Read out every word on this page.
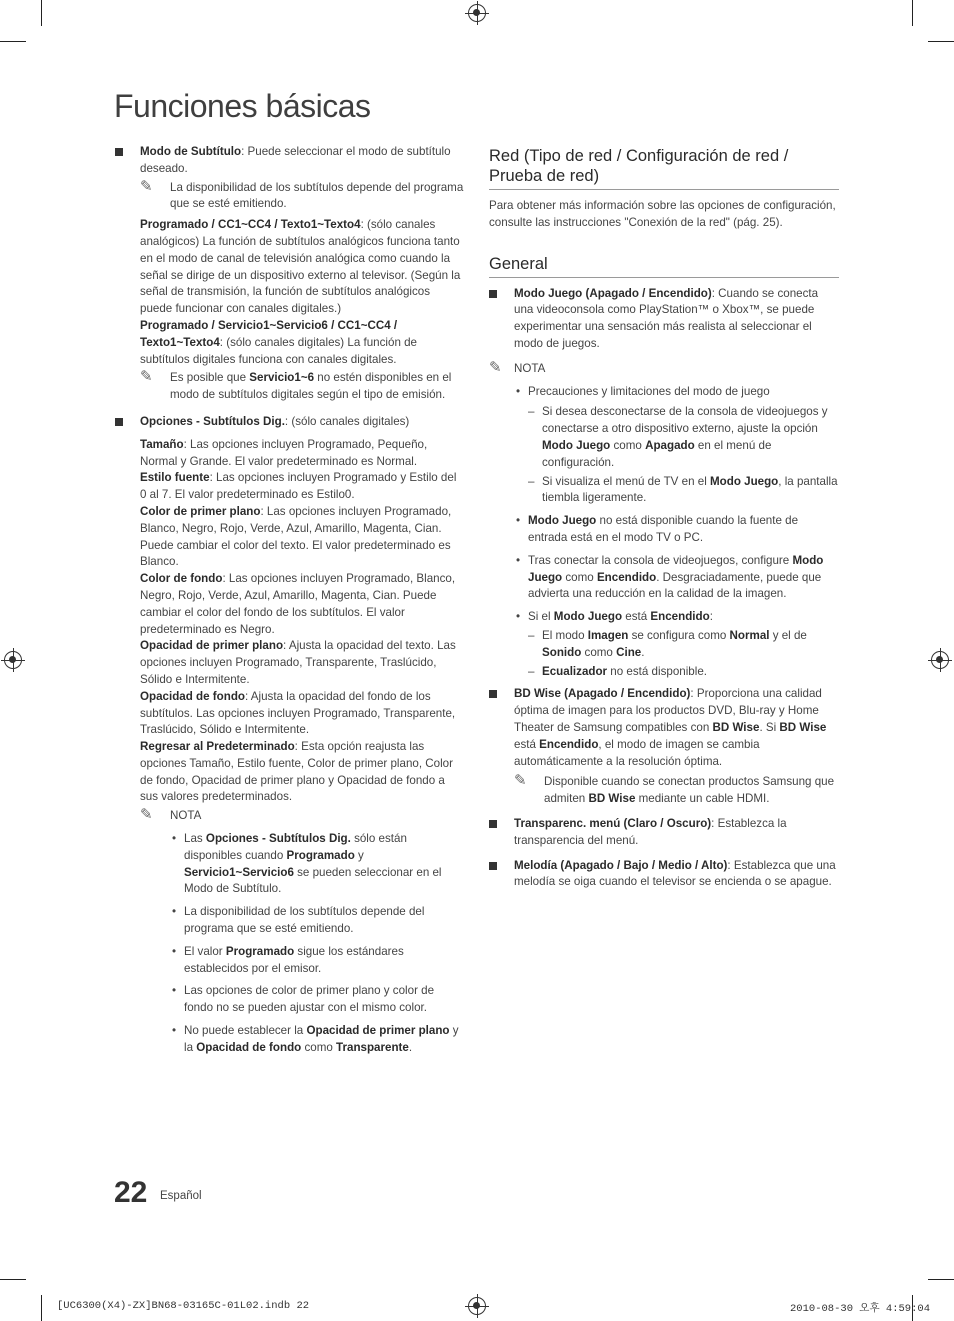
Funciones básicas

Modo de Subtítulo: Puede seleccionar el modo de subtítulo deseado.

✎ La disponibilidad de los subtítulos depende del programa que se esté emitiendo.

Programado / CC1~CC4 / Texto1~Texto4: (sólo canales analógicos) La función de subtítulos analógicos funciona tanto en el modo de canal de televisión analógica como cuando la señal se dirige de un dispositivo externo al televisor. (Según la señal de transmisión, la función de subtítulos analógicos puede funcionar con canales digitales.)

Programado / Servicio1~Servicio6 / CC1~CC4 / Texto1~Texto4: (sólo canales digitales) La función de subtítulos digitales funciona con canales digitales.

✎ Es posible que Servicio1~6 no estén disponibles en el modo de subtítulos digitales según el tipo de emisión.

Opciones - Subtítulos Dig.: (sólo canales digitales)

Tamaño: Las opciones incluyen Programado, Pequeño, Normal y Grande. El valor predeterminado es Normal.

Estilo fuente: Las opciones incluyen Programado y Estilo del 0 al 7. El valor predeterminado es Estilo0.

Color de primer plano: Las opciones incluyen Programado, Blanco, Negro, Rojo, Verde, Azul, Amarillo, Magenta, Cian. Puede cambiar el color del texto. El valor predeterminado es Blanco.

Color de fondo: Las opciones incluyen Programado, Blanco, Negro, Rojo, Verde, Azul, Amarillo, Magenta, Cian. Puede cambiar el color del fondo de los subtítulos. El valor predeterminado es Negro.

Opacidad de primer plano: Ajusta la opacidad del texto. Las opciones incluyen Programado, Transparente, Traslúcido, Sólido e Intermitente.

Opacidad de fondo: Ajusta la opacidad del fondo de los subtítulos. Las opciones incluyen Programado, Transparente, Traslúcido, Sólido e Intermitente.

Regresar al Predeterminado: Esta opción reajusta las opciones Tamaño, Estilo fuente, Color de primer plano, Color de fondo, Opacidad de primer plano y Opacidad de fondo a sus valores predeterminados.

✎ NOTA
• Las Opciones - Subtítulos Dig. sólo están disponibles cuando Programado y Servicio1~Servicio6 se pueden seleccionar en el Modo de Subtítulo.
• La disponibilidad de los subtítulos depende del programa que se esté emitiendo.
• El valor Programado sigue los estándares establecidos por el emisor.
• Las opciones de color de primer plano y color de fondo no se pueden ajustar con el mismo color.
• No puede establecer la Opacidad de primer plano y la Opacidad de fondo como Transparente.
Red (Tipo de red / Configuración de red / Prueba de red)

Para obtener más información sobre las opciones de configuración, consulte las instrucciones "Conexión de la red" (pág. 25).

General

Modo Juego (Apagado / Encendido): Cuando se conecta una videoconsola como PlayStation™ o Xbox™, se puede experimentar una sensación más realista al seleccionar el modo de juegos.

✎ NOTA
• Precauciones y limitaciones del modo de juego
– Si desea desconectarse de la consola de videojuegos y conectarse a otro dispositivo externo, ajuste la opción Modo Juego como Apagado en el menú de configuración.
– Si visualiza el menú de TV en el Modo Juego, la pantalla tiembla ligeramente.
• Modo Juego no está disponible cuando la fuente de entrada está en el modo TV o PC.
• Tras conectar la consola de videojuegos, configure Modo Juego como Encendido. Desgraciadamente, puede que advierta una reducción en la calidad de la imagen.
• Si el Modo Juego está Encendido:
– El modo Imagen se configura como Normal y el de Sonido como Cine.
– Ecualizador no está disponible.

BD Wise (Apagado / Encendido): Proporciona una calidad óptima de imagen para los productos DVD, Blu-ray y Home Theater de Samsung compatibles con BD Wise. Si BD Wise está Encendido, el modo de imagen se cambia automáticamente a la resolución óptima.

✎ Disponible cuando se conectan productos Samsung que admiten BD Wise mediante un cable HDMI.

Transparenc. menú (Claro / Oscuro): Establezca la transparencia del menú.

Melodía (Apagado / Bajo / Medio / Alto): Establezca que una melodía se oiga cuando el televisor se encienda o se apague.

22 Español
[UC6300(X4)-ZX]BN68-03165C-01L02.indb 22	2010-08-30 오후 4:59:04
